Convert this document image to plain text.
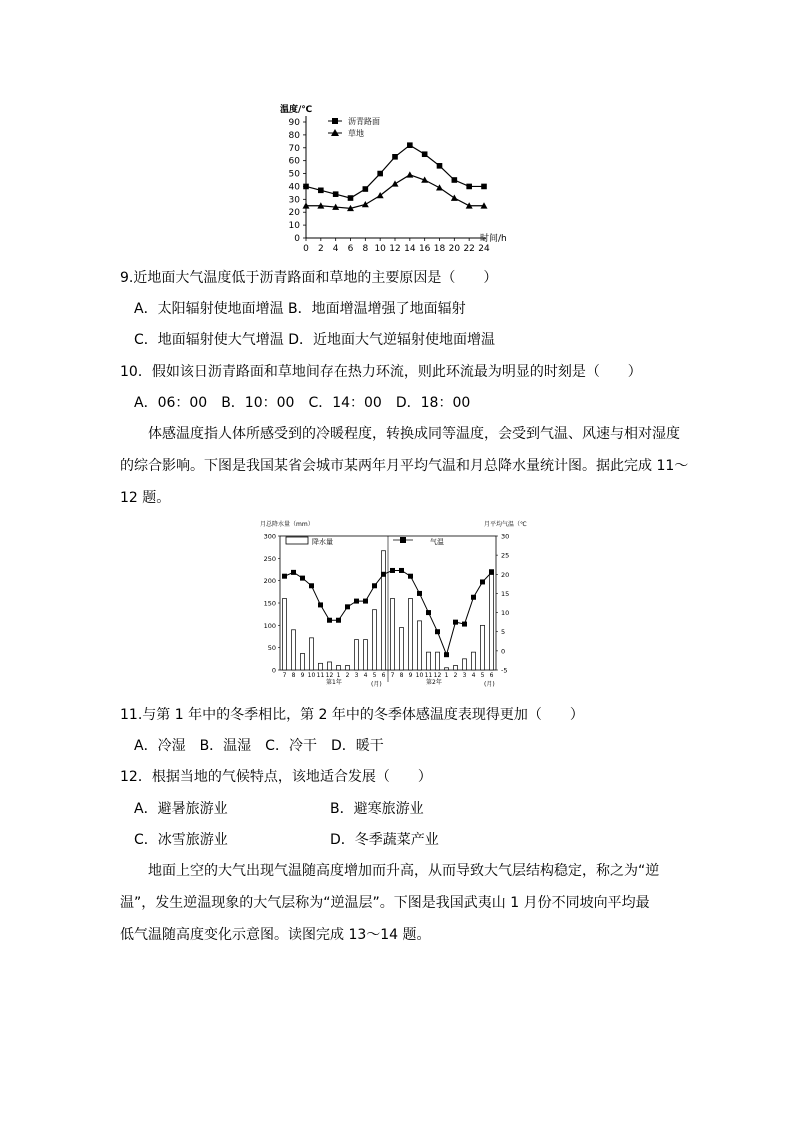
温度/℃
0
10
20
30
40
50
60
70
80
90
0 2 4 6 8 10 12 14 16 18 20 22 24
沥青路面
草地
时间/h
9.近地面大气温度低于沥青路面和草地的主要原因是（　　）
A．太阳辐射使地面增温 B．地面增温增强了地面辐射
C．地面辐射使大气增温 D．近地面大气逆辐射使地面增温
10．假如该日沥青路面和草地间存在热力环流，则此环流最为明显的时刻是（　　）
A．06：00　B．10：00　C．14：00　D．18：00
体感温度指人体所感受到的冷暖程度，转换成同等温度，会受到气温、风速与相对湿度
的综合影响。下图是我国某省会城市某两年月平均气温和月总降水量统计图。据此完成 11～
12 题。
月总降水量（mm）	月平均气温（℃
0
50
100
150
200
250
300
-5
0
5
10
15
20
25
30
7 8 9 10 11 12 1 2 3 4 5 6 7 8 9 10 11 12 1 2 3 4 5 6
降水量	气温
(月)	(月)
第1年	第2年
11.与第 1 年中的冬季相比，第 2 年中的冬季体感温度表现得更加（　　）
A．冷湿　B．温湿　C．冷干　D．暖干
12．根据当地的气候特点，该地适合发展（　　）
A．避暑旅游业	B．避寒旅游业
C．冰雪旅游业	D．冬季蔬菜产业
地面上空的大气出现气温随高度增加而升高，从而导致大气层结构稳定，称之为“逆
温”，发生逆温现象的大气层称为“逆温层”。下图是我国武夷山 1 月份不同坡向平均最
低气温随高度变化示意图。读图完成 13～14 题。
